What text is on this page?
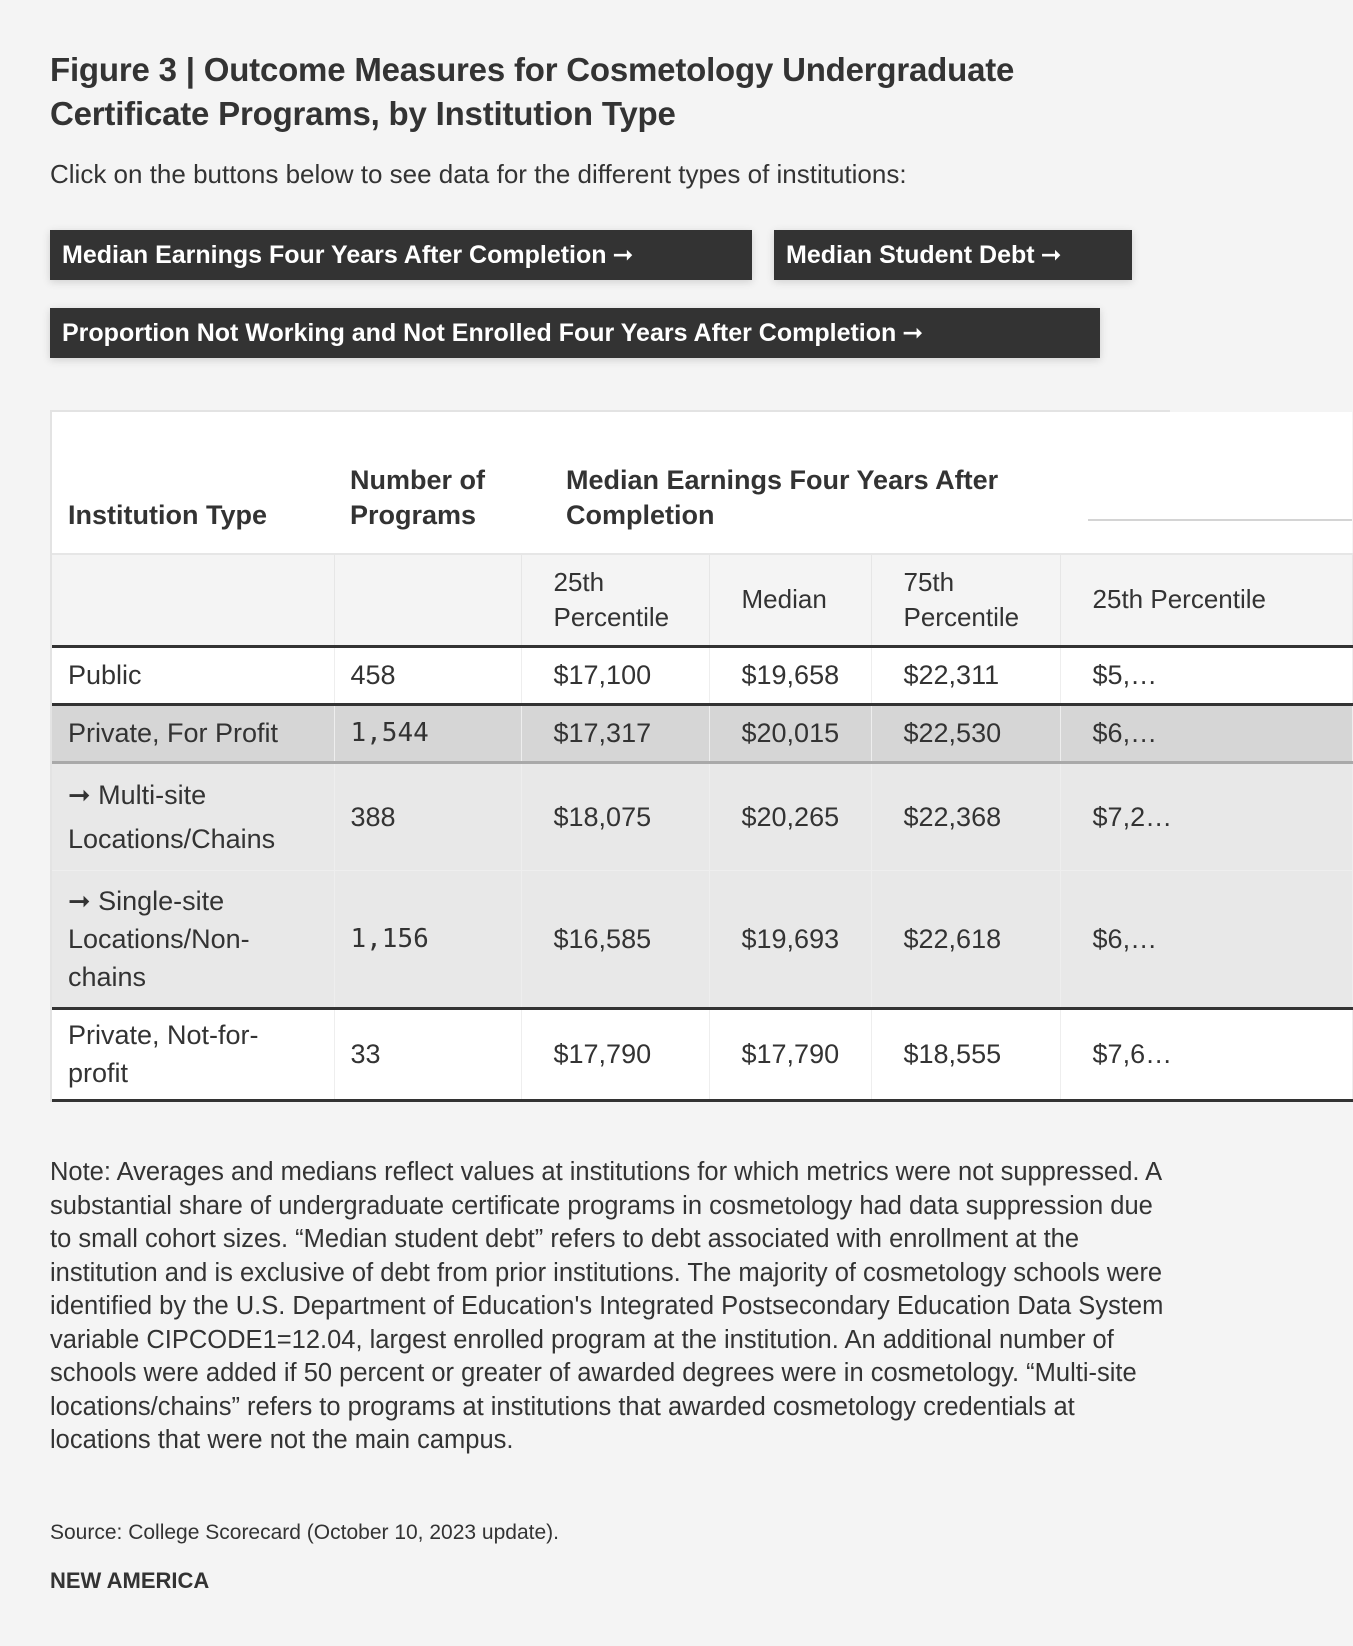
Figure 3 | Outcome Measures for Cosmetology Undergraduate Certificate Programs, by Institution Type
Click on the buttons below to see data for the different types of institutions:
Median Earnings Four Years After Completion ➞	Median Student Debt ➞
Proportion Not Working and Not Enrolled Four Years After Completion ➞
Institution Type	Number of Programs	Median Earnings Four Years After Completion			

		25th Percentile	Median	75th Percentile	25th Percentile
Public	458	$17,100	$19,658	$22,311	$5,…
Private, For Profit	1,544	$17,317	$20,015	$22,530	$6,…
➞ Multi-site Locations/Chains	388	$18,075	$20,265	$22,368	$7,2…
➞ Single-site Locations/Non-chains	1,156	$16,585	$19,693	$22,618	$6,…
Private, Not-for-profit	33	$17,790	$17,790	$18,555	$7,6…

Note: Averages and medians reflect values at institutions for which metrics were not suppressed. A substantial share of undergraduate certificate programs in cosmetology had data suppression due to small cohort sizes. “Median student debt” refers to debt associated with enrollment at the institution and is exclusive of debt from prior institutions. The majority of cosmetology schools were identified by the U.S. Department of Education's Integrated Postsecondary Education Data System variable CIPCODE1=12.04, largest enrolled program at the institution. An additional number of schools were added if 50 percent or greater of awarded degrees were in cosmetology. “Multi-site locations/chains” refers to programs at institutions that awarded cosmetology credentials at locations that were not the main campus.

Source: College Scorecard (October 10, 2023 update).
NEW AMERICA
